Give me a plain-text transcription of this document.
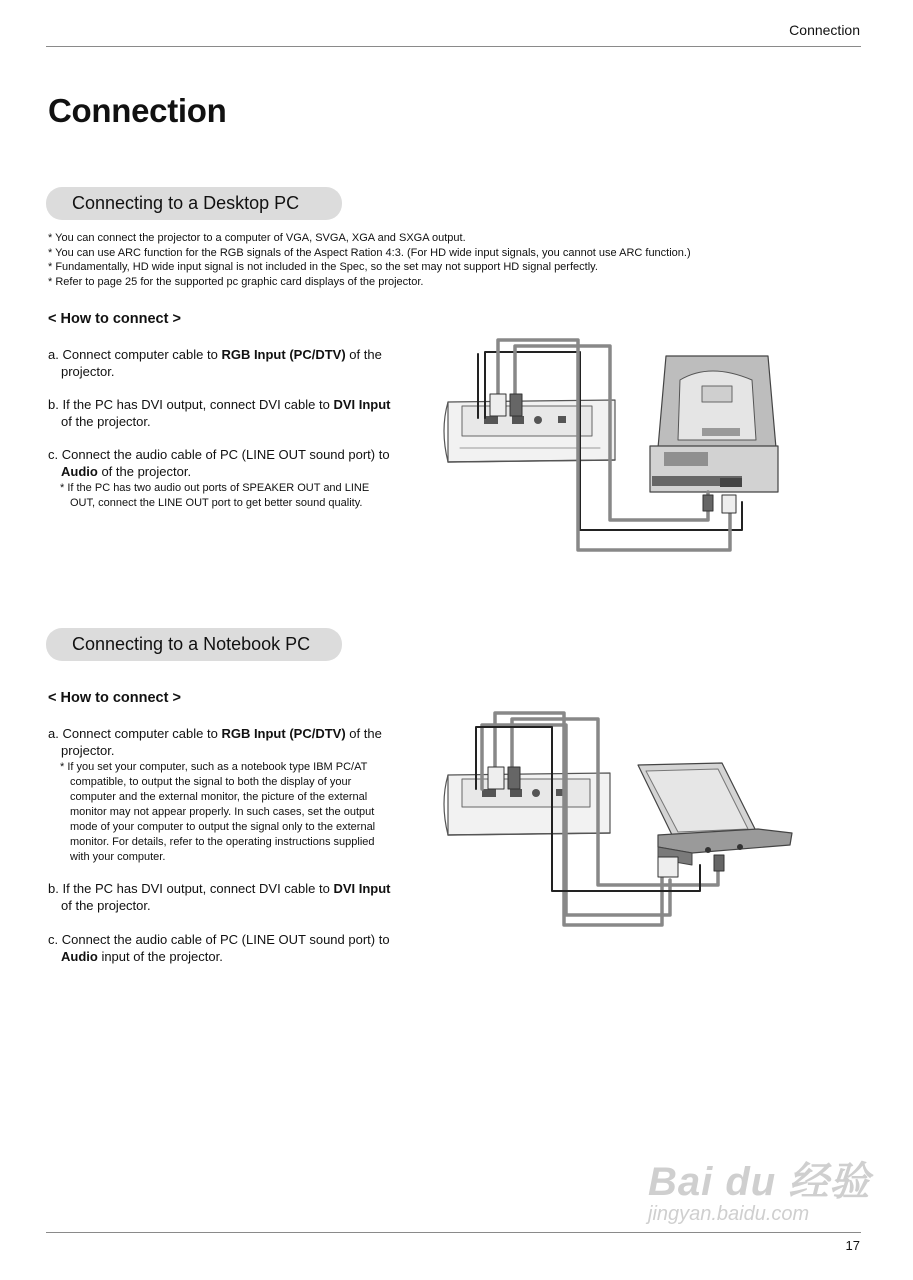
Connection
Connection
Connecting to a Desktop PC
* You can connect the projector to a computer of VGA, SVGA, XGA and SXGA output.
* You can use ARC function for the RGB signals of the Aspect Ration 4:3. (For HD wide input signals, you cannot use ARC function.)
* Fundamentally, HD wide input signal is not included in the Spec, so the set may not support HD signal perfectly.
* Refer to page 25 for the supported pc graphic card displays of the projector.
< How to connect >
a. Connect computer cable to RGB Input (PC/DTV) of the
projector.
b. If the PC has DVI output, connect DVI cable to DVI Input
of the projector.
c. Connect the audio cable of PC (LINE OUT sound port) to
Audio of the projector.
* If the PC has two audio out ports of SPEAKER OUT and LINE
OUT, connect the LINE OUT port to get better sound quality.
Connecting to a Notebook PC
< How to connect >
a. Connect computer cable to RGB Input (PC/DTV) of the
projector.
* If you set your computer, such as a notebook type IBM PC/AT
compatible, to output the signal to both the display of your
computer and the external monitor, the picture of the external
monitor may not appear properly. In such cases, set the output
mode of your computer to output the signal only to the external
monitor. For details, refer to the operating instructions supplied
with your computer.
b. If the PC has DVI output, connect DVI cable to DVI Input
of the projector.
c. Connect the audio cable of PC (LINE OUT sound port) to
Audio input of the projector.
Bai du 经验
jingyan.baidu.com
17
